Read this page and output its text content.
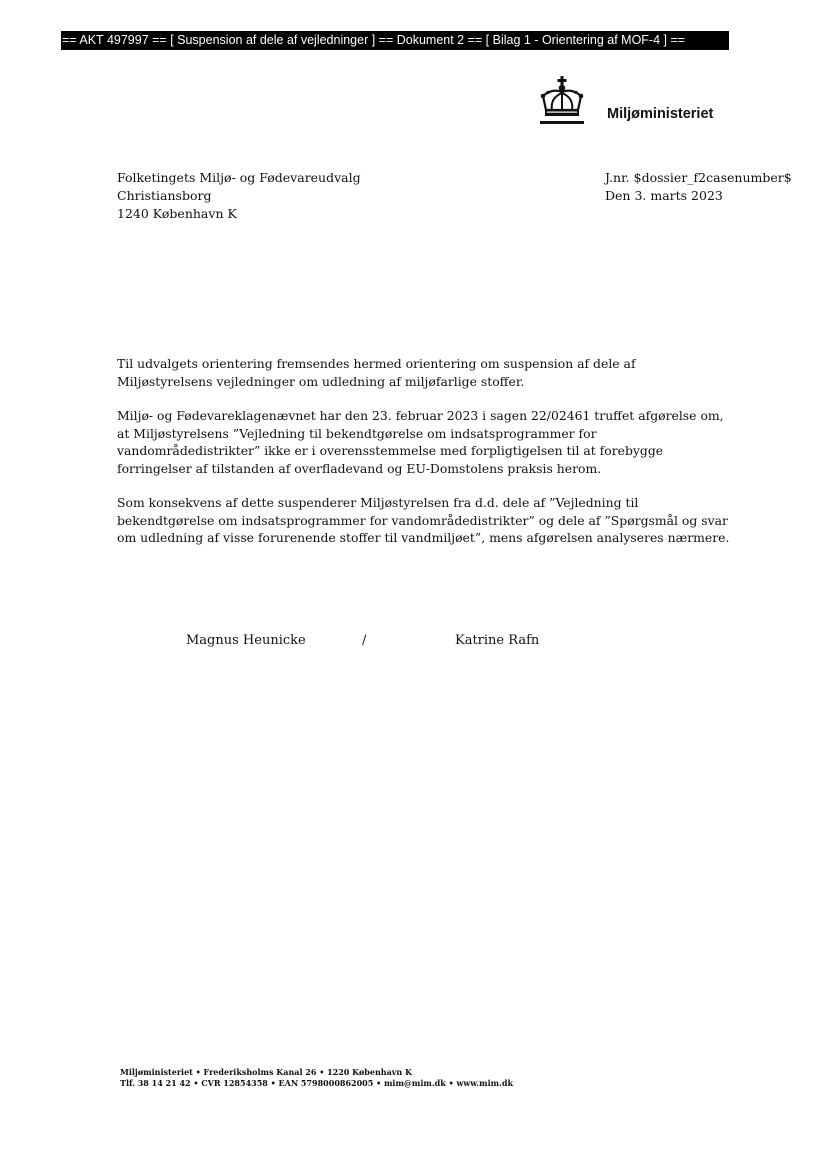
== AKT 497997 == [ Suspension af dele af vejledninger ] == Dokument 2 == [ Bilag 1 - Orientering af MOF-4 ] ==
Miljøministeriet
Folketingets Miljø- og Fødevareudvalg
Christiansborg
1240 København K
J.nr. $dossier_f2casenumber$
Den 3. marts 2023

Til udvalgets orientering fremsendes hermed orientering om suspension af dele af Miljøstyrelsens vejledninger om udledning af miljøfarlige stoffer.

Miljø- og Fødevareklagenævnet har den 23. februar 2023 i sagen 22/02461 truffet afgørelse om, at Miljøstyrelsens ”Vejledning til bekendtgørelse om indsatsprogrammer for vandområdedistrikter” ikke er i overensstemmelse med forpligtigelsen til at forebygge forringelser af tilstanden af overfladevand og EU-Domstolens praksis herom.

Som konsekvens af dette suspenderer Miljøstyrelsen fra d.d. dele af ”Vejledning til bekendtgørelse om indsatsprogrammer for vandområdedistrikter” og dele af ”Spørgsmål og svar om udledning af visse forurenende stoffer til vandmiljøet”, mens afgørelsen analyseres nærmere.

Magnus Heunicke	/	Katrine Rafn
Miljøministeriet • Frederiksholms Kanal 26 • 1220 København K
Tlf. 38 14 21 42 • CVR 12854358 • EAN 5798000862005 • mim@mim.dk • www.mim.dk
